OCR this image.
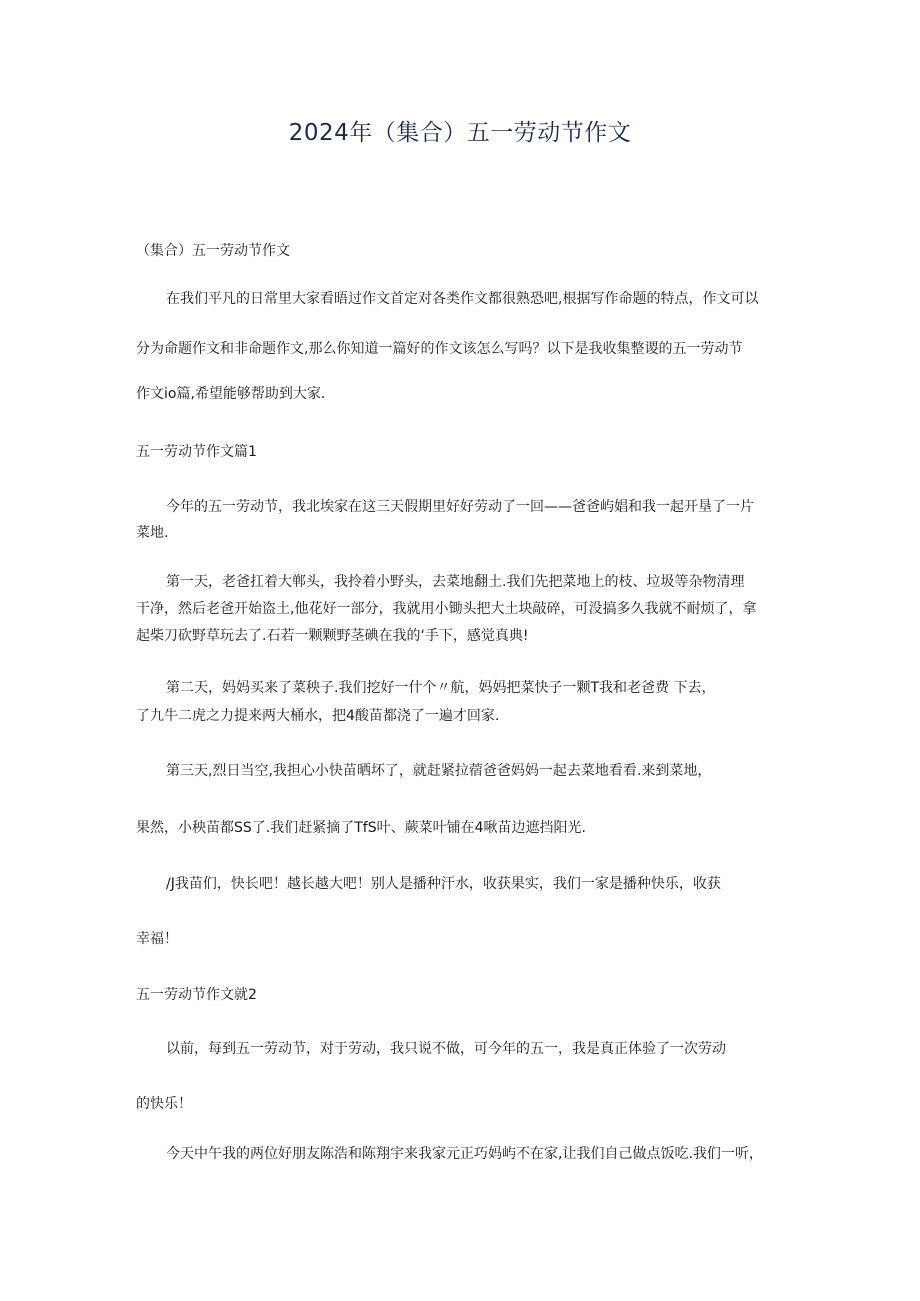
2024年（集合）五一劳动节作文
（集合）五一劳动节作文
在我们平凡的日常里大家看晤过作文首定对各类作文都很熟恐吧,根据写作命题的特点，作文可以
分为命题作文和非命题作文,那么你知道一篇好的作文该怎么写吗？以下是我收集整谡的五一劳动节
作文io篇,希望能够帮助到大家.
五一劳动节作文篇1
今年的五一劳动节，我北埃家在这三天假期里好好劳动了一回——爸爸屿娼和我一起开垦了一片
菜地.
第一天，老爸扛着大郸头，我拎着小野头，去菜地翻土.我们先把菜地上的枝、垃圾等杂物清理
干净，然后老爸开始盗土,他花好一部分，我就用小锄头把大土块敲碎，可没搞多久我就不耐烦了，拿
起柴刀砍野草玩去了.石若一颗颗野茎碘在我的‘手下，感觉真典!
第二天，妈妈买来了菜秧子.我们挖好一什个〃航，妈妈把菜快子一颗T我和老爸费 下去，
了九牛二虎之力提来两大桶水，把4酸苗都浇了一遍才回家.
第三天,烈日当空,我担心小快苗晒坏了，就赶紧拉蓿爸爸妈妈一起去菜地看看.来到菜地，
果然，小秧苗都SS了.我们赶紧摘了TfS叶、蕨菜叶铺在4啾苗边遮挡阳光.
/J我苗们，快长吧！越长越大吧！别人是播种汗水，收获果实，我们一家是播种快乐，收获
幸福！
五一劳动节作文就2
以前，每到五一劳动节，对于劳动，我只说不做，可今年的五一，我是真正体验了一次劳动
的快乐！
今天中午我的两位好朋友陈浩和陈翔宇来我家元正巧妈屿不在家,让我们自己做点饭吃.我们一听，
